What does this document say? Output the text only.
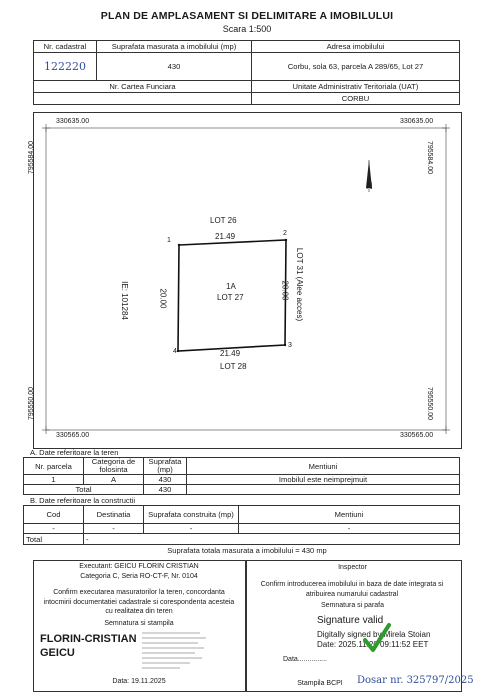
PLAN DE AMPLASAMENT SI DELIMITARE A IMOBILULUI
Scara 1:500
Nr. cadastral	Suprafata masurata a imobilului (mp)	Adresa imobilului
122220	430	Corbu, sola 63, parcela A 289/65, Lot 27
Nr. Cartea Funciara		Unitate Administrativ Teritoriala (UAT)
		CORBU
330635.00	330635.00
330565.00	330565.00
795584.00	795584.00
795550.00	795550.00
N
LOT 26
21.49
1
2
3
4
1A
LOT 27
20.00	20.00
IE: 101284	LOT 31 (Alee acces)
21.49
LOT 28
A. Date referitoare la teren
Nr. parcela	Categoria de folosinta	Suprafata (mp)	Mentiuni
1	A	430	Imobilul este neimprejmuit
Total		430	
B. Date referitoare la constructii
Cod	Destinatia	Suprafata construita (mp)	Mentiuni
-	-	-	-
Total	-		
Suprafata totala masurata a imobilului = 430 mp
Executant: GEICU FLORIN CRISTIAN
Categoria C, Seria RO-CT-F, Nr. 0104
Confirm executarea masuratorilor la teren, concordanta intocmirii documentatiei cadastrale si corespondenta acesteia cu realitatea din teren
Semnatura si stampila
FLORIN-CRISTIAN GEICU
Data: 19.11.2025
Inspector
Confirm introducerea imobilului in baza de date integrata si atribuirea numarului cadastral
Semnatura si parafa
Signature valid
Digitally signed by Mirela Stoian
Date: 2025.11.20 09:11:52 EET
Data...............
Stampila BCPI	Dosar nr. 325797/2025
